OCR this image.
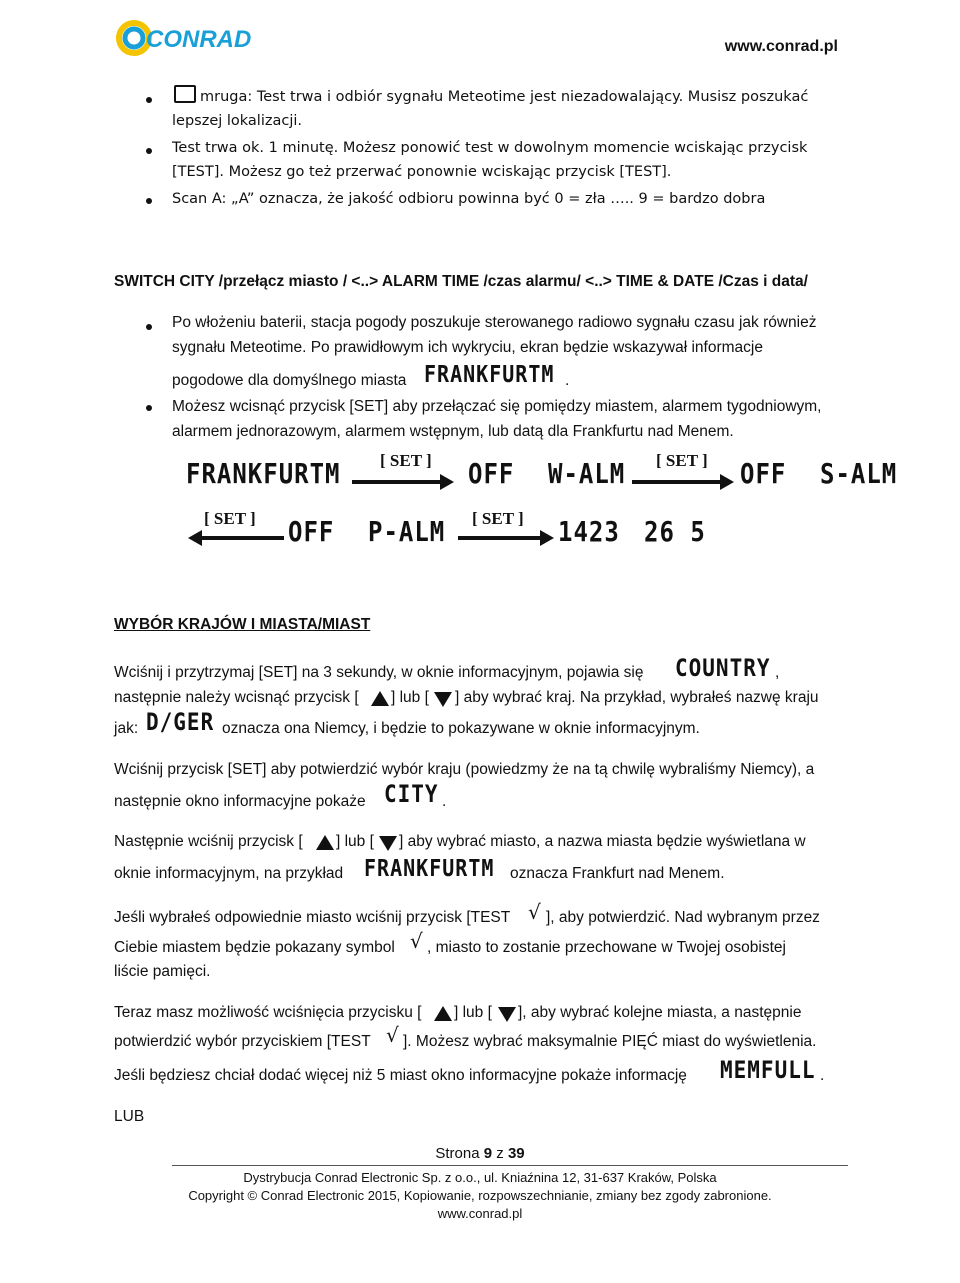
CONRAD	www.conrad.pl
mruga: Test trwa i odbiór sygnału Meteotime jest niezadowalający. Musisz poszukać
lepszej lokalizacji.
Test trwa ok. 1 minutę. Możesz ponowić test w dowolnym momencie wciskając przycisk
[TEST]. Możesz go też przerwać ponownie wciskając przycisk [TEST].
Scan A: „A” oznacza, że jakość odbioru powinna być 0 = zła ….. 9 = bardzo dobra
SWITCH CITY /przełącz miasto / <..> ALARM TIME /czas alarmu/ <..> TIME & DATE /Czas i data/
Po włożeniu baterii, stacja pogody poszukuje sterowanego radiowo sygnału czasu jak również
sygnału Meteotime. Po prawidłowym ich wykryciu, ekran będzie wskazywał informacje
pogodowe dla domyślnego miasta FRANKFURTM .
Możesz wcisnąć przycisk [SET] aby przełączać się pomiędzy miastem, alarmem tygodniowym,
alarmem jednorazowym, alarmem wstępnym, lub datą dla Frankfurtu nad Menem.
FRANKFURTM [ SET ] OFF W-ALM [ SET ] OFF S-ALM
[ SET ] OFF P-ALM [ SET ] 1423 26 5
WYBÓR KRAJÓW I MIASTA/MIAST
Wciśnij i przytrzymaj [SET] na 3 sekundy, w oknie informacyjnym, pojawia się COUNTRY ,
następnie należy wcisnąć przycisk [ ] lub [ ] aby wybrać kraj. Na przykład, wybrałeś nazwę kraju
jak: D/GER oznacza ona Niemcy, i będzie to pokazywane w oknie informacyjnym.
Wciśnij przycisk [SET] aby potwierdzić wybór kraju (powiedzmy że na tą chwilę wybraliśmy Niemcy), a
następnie okno informacyjne pokaże CITY .
Następnie wciśnij przycisk [ ] lub [ ] aby wybrać miasto, a nazwa miasta będzie wyświetlana w
oknie informacyjnym, na przykład FRANKFURTM oznacza Frankfurt nad Menem.
Jeśli wybrałeś odpowiednie miasto wciśnij przycisk [TEST √ ], aby potwierdzić. Nad wybranym przez
Ciebie miastem będzie pokazany symbol √ , miasto to zostanie przechowane w Twojej osobistej
liście pamięci.
Teraz masz możliwość wciśnięcia przycisku [ ] lub [ ], aby wybrać kolejne miasta, a następnie
potwierdzić wybór przyciskiem [TEST √ ]. Możesz wybrać maksymalnie PIĘĆ miast do wyświetlenia.
Jeśli będziesz chciał dodać więcej niż 5 miast okno informacyjne pokaże informację MEMFULL .
LUB
Strona 9 z 39
Dystrybucja Conrad Electronic Sp. z o.o., ul. Kniaźnina 12, 31-637 Kraków, Polska
Copyright © Conrad Electronic 2015, Kopiowanie, rozpowszechnianie, zmiany bez zgody zabronione.
www.conrad.pl
